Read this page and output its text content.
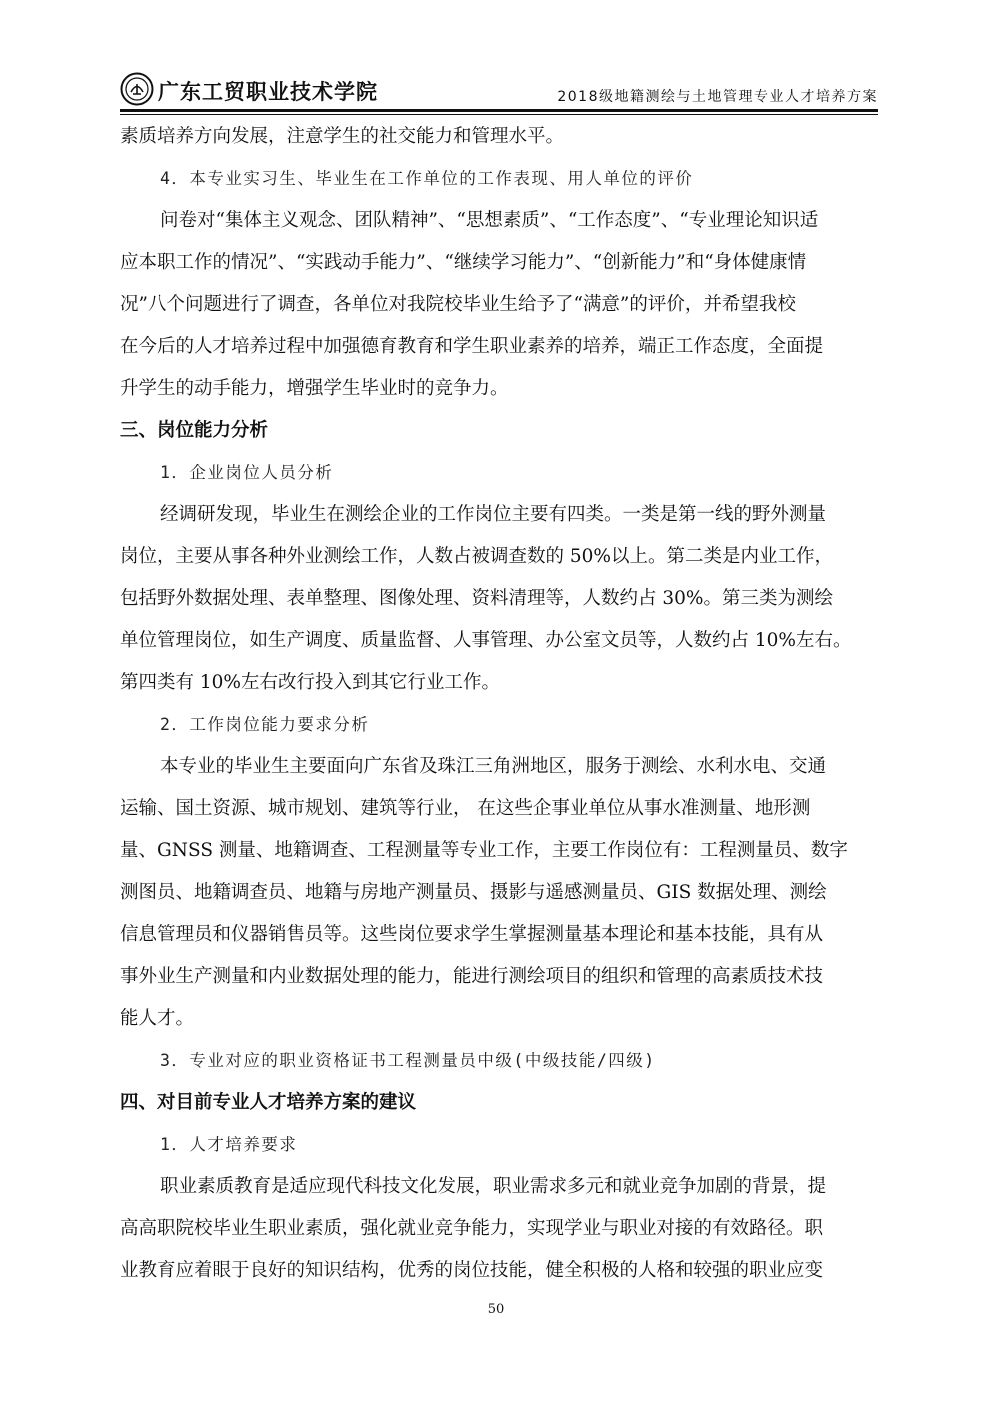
广东工贸职业技术学院	2018级地籍测绘与土地管理专业人才培养方案
素质培养方向发展，注意学生的社交能力和管理水平。
4．本专业实习生、毕业生在工作单位的工作表现、用人单位的评价
问卷对“集体主义观念、团队精神”、“思想素质”、“工作态度”、“专业理论知识适
应本职工作的情况”、“实践动手能力”、“继续学习能力”、“创新能力”和“身体健康情
况”八个问题进行了调查，各单位对我院校毕业生给予了“满意”的评价，并希望我校
在今后的人才培养过程中加强德育教育和学生职业素养的培养，端正工作态度，全面提
升学生的动手能力，增强学生毕业时的竞争力。
三、岗位能力分析
1．企业岗位人员分析
经调研发现，毕业生在测绘企业的工作岗位主要有四类。一类是第一线的野外测量
岗位，主要从事各种外业测绘工作，人数占被调查数的 50%以上。第二类是内业工作，
包括野外数据处理、表单整理、图像处理、资料清理等，人数约占 30%。第三类为测绘
单位管理岗位，如生产调度、质量监督、人事管理、办公室文员等，人数约占 10%左右。
第四类有 10%左右改行投入到其它行业工作。
2．工作岗位能力要求分析
本专业的毕业生主要面向广东省及珠江三角洲地区，服务于测绘、水利水电、交通
运输、国土资源、城市规划、建筑等行业， 在这些企事业单位从事水准测量、地形测
量、GNSS 测量、地籍调查、工程测量等专业工作，主要工作岗位有：工程测量员、数字
测图员、地籍调查员、地籍与房地产测量员、摄影与遥感测量员、GIS 数据处理、测绘
信息管理员和仪器销售员等。这些岗位要求学生掌握测量基本理论和基本技能，具有从
事外业生产测量和内业数据处理的能力，能进行测绘项目的组织和管理的高素质技术技
能人才。
3．专业对应的职业资格证书工程测量员中级(中级技能/四级)
四、对目前专业人才培养方案的建议
1．人才培养要求
职业素质教育是适应现代科技文化发展，职业需求多元和就业竞争加剧的背景，提
高高职院校毕业生职业素质，强化就业竞争能力，实现学业与职业对接的有效路径。职
业教育应着眼于良好的知识结构，优秀的岗位技能，健全积极的人格和较强的职业应变
50
